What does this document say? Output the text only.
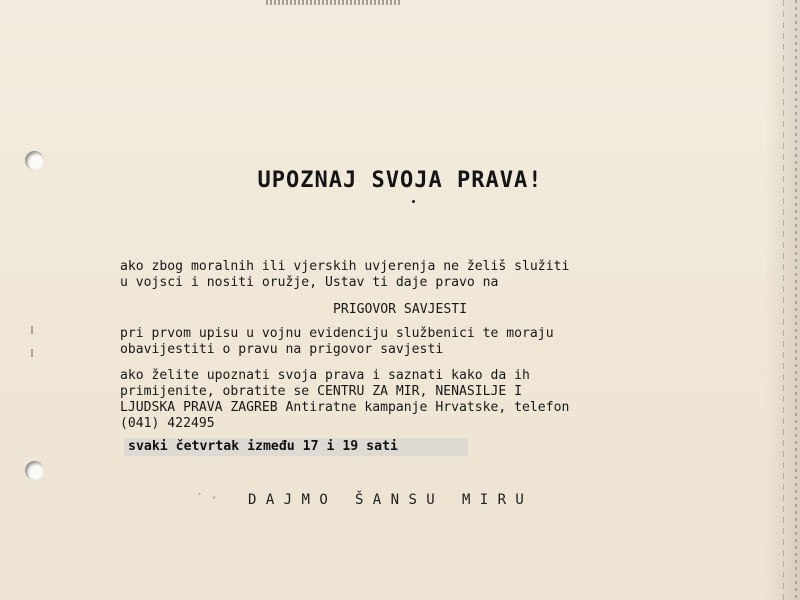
UPOZNAJ SVOJA PRAVA!
ako zbog moralnih ili vjerskih uvjerenja ne želiš služiti
u vojsci i nositi oružje, Ustav ti daje pravo na
PRIGOVOR SAVJESTI
pri prvom upisu u vojnu evidenciju službenici te moraju
obavijestiti o pravu na prigovor savjesti
ako želite upoznati svoja prava i saznati kako da ih
primijenite, obratite se CENTRU ZA MIR, NENASILJE I
LJUDSKA PRAVA ZAGREB Antiratne kampanje Hrvatske, telefon
(041) 422495
svaki četvrtak između 17 i 19 sati
′ · DAJMO ŠANSU MIRU
